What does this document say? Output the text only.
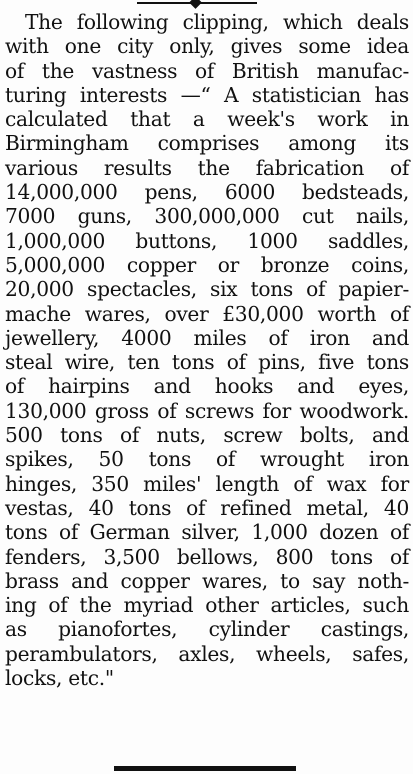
The following clipping, which deals
with one city only, gives some idea
of the vastness of British manufac-
turing interests —“ A statistician has
calculated that a week's work in
Birmingham comprises among its
various results the fabrication of
14,000,000 pens, 6000 bedsteads,
7000 guns, 300,000,000 cut nails,
1,000,000 buttons, 1000 saddles,
5,000,000 copper or bronze coins,
20,000 spectacles, six tons of papier-
mache wares, over £30,000 worth of
jewellery, 4000 miles of iron and
steal wire, ten tons of pins, five tons
of hairpins and hooks and eyes,
130,000 gross of screws for woodwork.
500 tons of nuts, screw bolts, and
spikes, 50 tons of wrought iron
hinges, 350 miles' length of wax for
vestas, 40 tons of refined metal, 40
tons of German silver, 1,000 dozen of
fenders, 3,500 bellows, 800 tons of
brass and copper wares, to say noth-
ing of the myriad other articles, such
as pianofortes, cylinder castings,
perambulators, axles, wheels, safes,
locks, etc."
